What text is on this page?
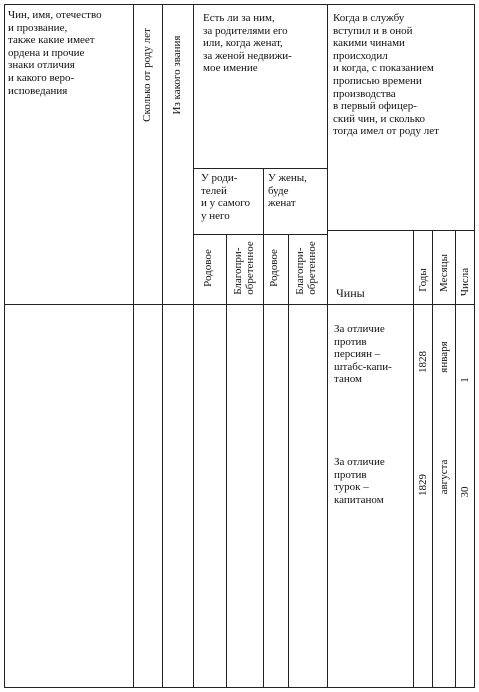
Чин, имя, отечество
и прозвание,
также какие имеет
ордена и прочие
знаки отличия
и какого веро-
исповедания	Сколько от роду лет Из какого звания

Есть ли за ним,
за родителями его
или, когда женат,
за женой недвижи-
мое имение

У роди-
телей
и у самого
у него

У жены,
буде
женат

Родовое Благопри-
обретенное Родовое Благопри-
обретенное

Когда в службу
вступил и в оной
какими чинами
происходил
и когда, с показанием
прописью времени
производства
в первый офицер-
ский чин, и сколько
тогда имел от роду лет

Чины

Годы Месяцы Числа

За отличие
против
персиян –
штабс-капи-
таном

1828 января
1

За отличие
против
турок –
капитаном

1829 августа 30
